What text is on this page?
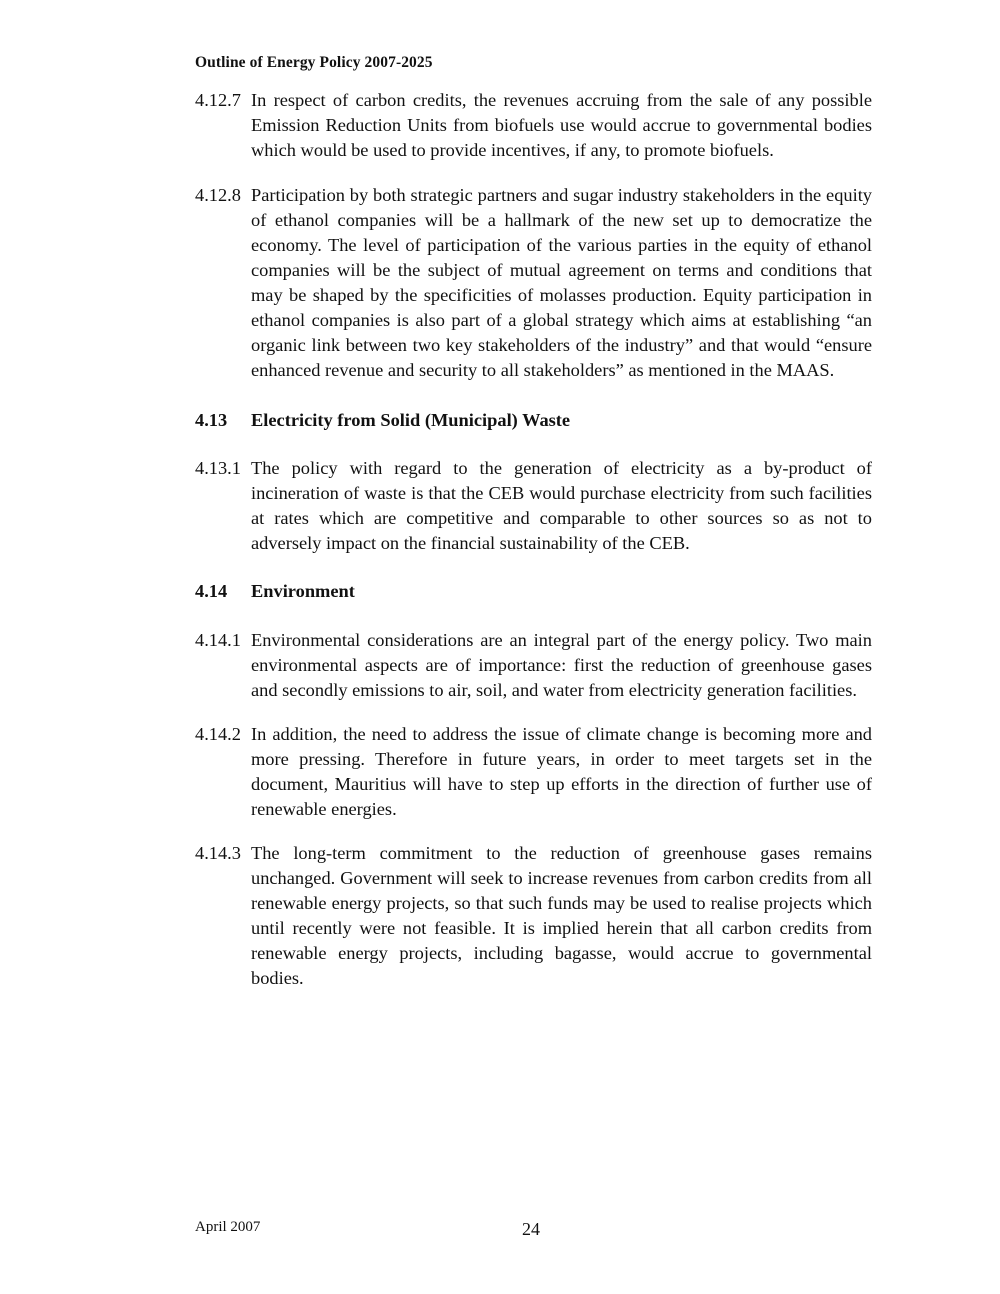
Outline of Energy Policy 2007-2025
4.12.7 In respect of carbon credits, the revenues accruing from the sale of any possible Emission Reduction Units from biofuels use would accrue to governmental bodies which would be used to provide incentives, if any, to promote biofuels.
4.12.8 Participation by both strategic partners and sugar industry stakeholders in the equity of ethanol companies will be a hallmark of the new set up to democratize the economy. The level of participation of the various parties in the equity of ethanol companies will be the subject of mutual agreement on terms and conditions that may be shaped by the specificities of molasses production. Equity participation in ethanol companies is also part of a global strategy which aims at establishing “an organic link between two key stakeholders of the industry” and that would “ensure enhanced revenue and security to all stakeholders” as mentioned in the MAAS.
4.13	Electricity from Solid (Municipal) Waste
4.13.1 The policy with regard to the generation of electricity as a by-product of incineration of waste is that the CEB would purchase electricity from such facilities at rates which are competitive and comparable to other sources so as not to adversely impact on the financial sustainability of the CEB.
4.14	Environment
4.14.1 Environmental considerations are an integral part of the energy policy. Two main environmental aspects are of importance: first the reduction of greenhouse gases and secondly emissions to air, soil, and water from electricity generation facilities.
4.14.2 In addition, the need to address the issue of climate change is becoming more and more pressing. Therefore in future years, in order to meet targets set in the document, Mauritius will have to step up efforts in the direction of further use of renewable energies.
4.14.3 The long-term commitment to the reduction of greenhouse gases remains unchanged. Government will seek to increase revenues from carbon credits from all renewable energy projects, so that such funds may be used to realise projects which until recently were not feasible. It is implied herein that all carbon credits from renewable energy projects, including bagasse, would accrue to governmental bodies.
April 2007	24
